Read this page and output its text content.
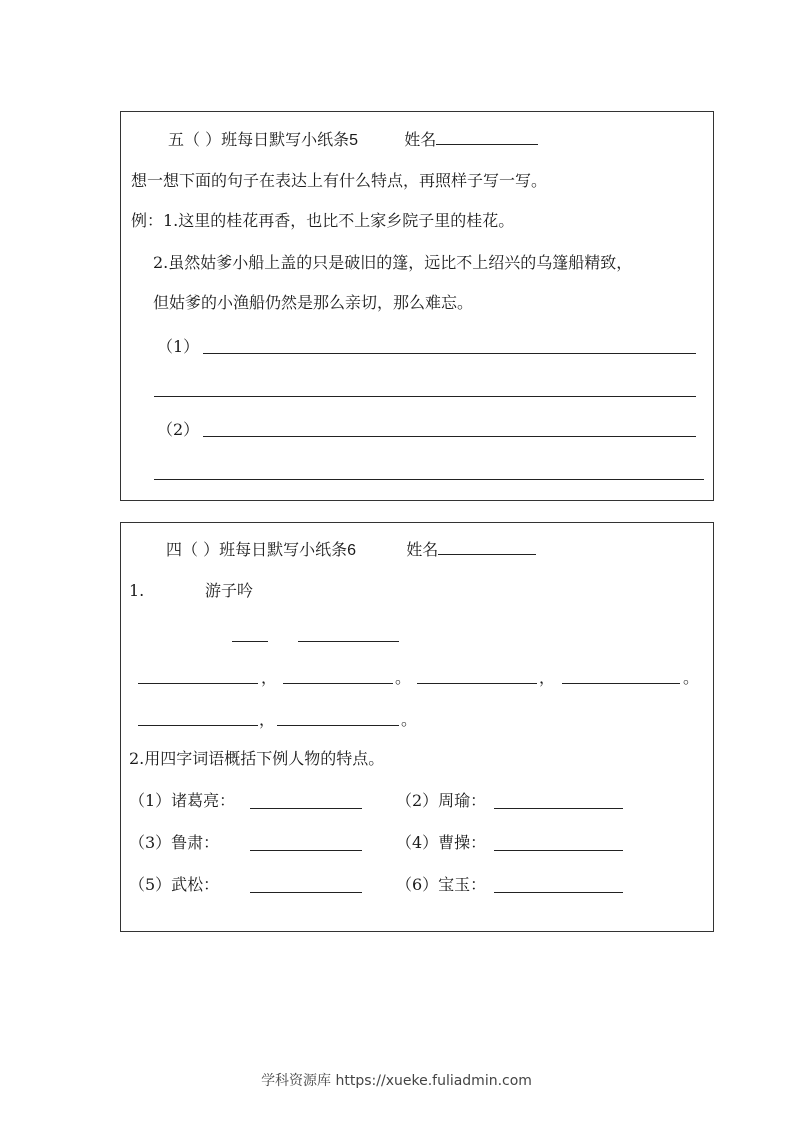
五（ ）班每日默写小纸条5	姓名
想一想下面的句子在表达上有什么特点，再照样子写一写。
例：1.这里的桂花再香，也比不上家乡院子里的桂花。
2.虽然姑爹小船上盖的只是破旧的篷，远比不上绍兴的乌篷船精致，
但姑爹的小渔船仍然是那么亲切，那么难忘。
（1）
（2）
四（ ）班每日默写小纸条6	姓名
1.	游子吟
，	。	，	。
，	。
2.用四字词语概括下例人物的特点。
（1）诸葛亮：	（2）周瑜：
（3）鲁肃：	（4）曹操：
（5）武松：	（6）宝玉：
学科资源库 https://xueke.fuliadmin.com
